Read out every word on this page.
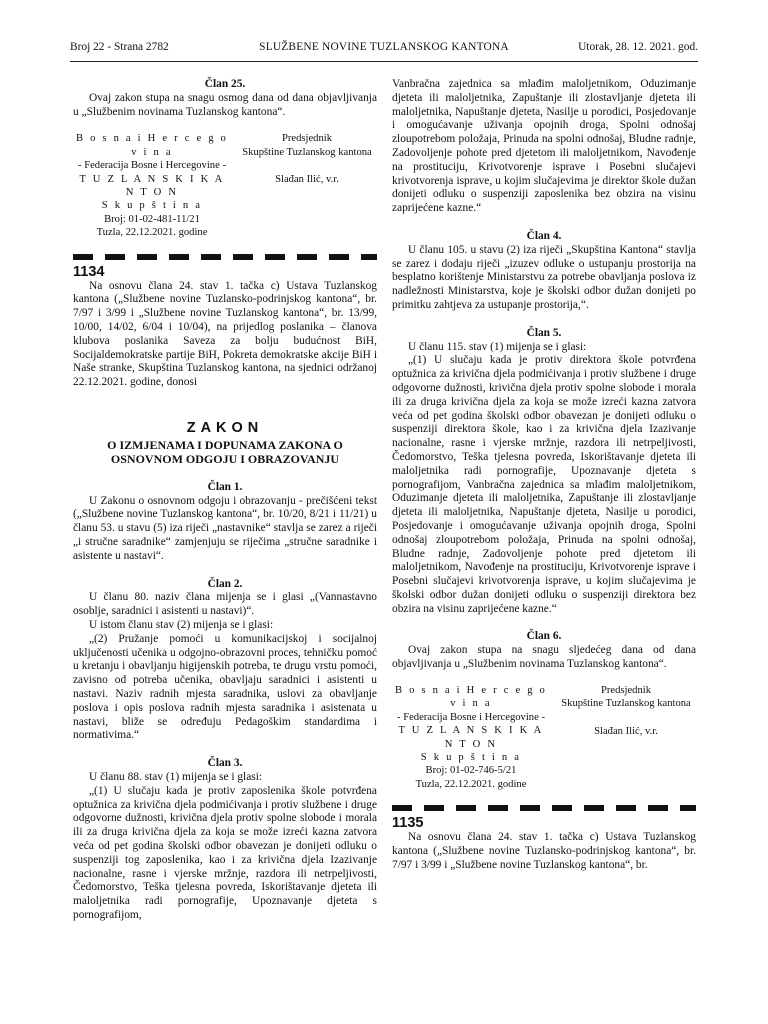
Broj 22 - Strana 2782	SLUŽBENE NOVINE TUZLANSKOG KANTONA	Utorak, 28. 12. 2021. god.

Član 25.

Ovaj zakon stupa na snagu osmog dana od dana objavljivanja u „Službenim novinama Tuzlanskog kantona“.

B o s n a i H e r c e g o v i n a
- Federacija Bosne i Hercegovine -
T U Z L A N S K I K A N T O N
S k u p š t i n a
Broj: 01-02-481-11/21
Tuzla, 22.12.2021. godine
Predsjednik
Skupštine Tuzlanskog kantona
Slađan Ilić, v.r.

1134

Na osnovu člana 24. stav 1. tačka c) Ustava Tuzlanskog kantona („Službene novine Tuzlansko-podrinjskog kantona“, br. 7/97 i 3/99 i „Službene novine Tuzlanskog kantona“, br. 13/99, 10/00, 14/02, 6/04 i 10/04), na prijedlog poslanika – članova klubova poslanika Saveza za bolju budućnost BiH, Socijaldemokratske partije BiH, Pokreta demokratske akcije BiH i Naše stranke, Skupština Tuzlanskog kantona, na sjednici održanoj 22.12.2021. godine, donosi

ZAKON

O IZMJENAMA I DOPUNAMA ZAKONA O

OSNOVNOM ODGOJU I OBRAZOVANJU

Član 1.

U Zakonu o osnovnom odgoju i obrazovanju - prečišćeni tekst („Službene novine Tuzlanskog kantona“, br. 10/20, 8/21 i 11/21) u članu 53. u stavu (5) iza riječi „nastavnike“ stavlja se zarez a riječi „i stručne saradnike“ zamjenjuju se riječima „stručne saradnike i asistente u nastavi“.

Član 2.

U članu 80. naziv člana mijenja se i glasi „(Vannastavno osoblje, saradnici i asistenti u nastavi)“.

U istom članu stav (2) mijenja se i glasi:

„(2) Pružanje pomoći u komunikacijskoj i socijalnoj uključenosti učenika u odgojno-obrazovni proces, tehničku pomoć u kretanju i obavljanju higijenskih potreba, te drugu vrstu pomoći, zavisno od potreba učenika, obavljaju saradnici i asistenti u nastavi. Naziv radnih mjesta saradnika, uslovi za obavljanje poslova i opis poslova radnih mjesta saradnika i asistenata u nastavi, bliže se određuju Pedagoškim standardima i normativima.“

Član 3.

U članu 88. stav (1) mijenja se i glasi:

„(1) U slučaju kada je protiv zaposlenika škole potvrđena optužnica za krivična djela podmićivanja i protiv službene i druge odgovorne dužnosti, krivična djela protiv spolne slobode i morala ili za druga krivična djela za koja se može izreći kazna zatvora veća od pet godina školski odbor obavezan je donijeti odluku o suspenziji tog zaposlenika, kao i za krivična djela Izazivanje nacionalne, rasne i vjerske mržnje, razdora ili netrpeljivosti, Čedomorstvo, Teška tjelesna povreda, Iskorištavanje djeteta ili maloljetnika radi pornografije, Upoznavanje djeteta s pornografijom,

Vanbračna zajednica sa mlađim maloljetnikom, Oduzimanje djeteta ili maloljetnika, Zapuštanje ili zlostavljanje djeteta ili maloljetnika, Napuštanje djeteta, Nasilje u porodici, Posjedovanje i omogućavanje uživanja opojnih droga, Spolni odnošaj zloupotrebom položaja, Prinuda na spolni odnošaj, Bludne radnje, Zadovoljenje pohote pred djetetom ili maloljetnikom, Navođenje na prostituciju, Krivotvorenje isprave i Posebni slučajevi krivotvorenja isprave, u kojim slučajevima je direktor škole dužan donijeti odluku o suspenziji zaposlenika bez obzira na visinu zaprijećene kazne.“

Član 4.

U članu 105. u stavu (2) iza riječi „Skupština Kantona“ stavlja se zarez i dodaju riječi „izuzev odluke o ustupanju prostorija na besplatno korištenje Ministarstvu za potrebe obavljanja poslova iz nadležnosti Ministarstva, koje je školski odbor dužan donijeti po primitku zahtjeva za ustupanje prostorija,“.

Član 5.

U članu 115. stav (1) mijenja se i glasi:

„(1) U slučaju kada je protiv direktora škole potvrđena optužnica za krivična djela podmićivanja i protiv službene i druge odgovorne dužnosti, krivična djela protiv spolne slobode i morala ili za druga krivična djela za koja se može izreći kazna zatvora veća od pet godina školski odbor obavezan je donijeti odluku o suspenziji direktora škole, kao i za krivična djela Izazivanje nacionalne, rasne i vjerske mržnje, razdora ili netrpeljivosti, Čedomorstvo, Teška tjelesna povreda, Iskorištavanje djeteta ili maloljetnika radi pornografije, Upoznavanje djeteta s pornografijom, Vanbračna zajednica sa mlađim maloljetnikom, Oduzimanje djeteta ili maloljetnika, Zapuštanje ili zlostavljanje djeteta ili maloljetnika, Napuštanje djeteta, Nasilje u porodici, Posjedovanje i omogućavanje uživanja opojnih droga, Spolni odnošaj zloupotrebom položaja, Prinuda na spolni odnošaj, Bludne radnje, Zadovoljenje pohote pred djetetom ili maloljetnikom, Navođenje na prostituciju, Krivotvorenje isprave i Posebni slučajevi krivotvorenja isprave, u kojim slučajevima je školski odbor dužan donijeti odluku o suspenziji direktora bez obzira na visinu zaprijećene kazne.“

Član 6.

Ovaj zakon stupa na snagu sljedećeg dana od dana objavljivanja u „Službenim novinama Tuzlanskog kantona“.

B o s n a i H e r c e g o v i n a
- Federacija Bosne i Hercegovine -
T U Z L A N S K I K A N T O N
S k u p š t i n a
Broj: 01-02-746-5/21
Tuzla, 22.12.2021. godine
Predsjednik
Skupštine Tuzlanskog kantona
Slađan Ilić, v.r.

1135

Na osnovu člana 24. stav 1. tačka c) Ustava Tuzlanskog kantona („Službene novine Tuzlansko-podrinjskog kantona“, br. 7/97 i 3/99 i „Službene novine Tuzlanskog kantona“, br.
